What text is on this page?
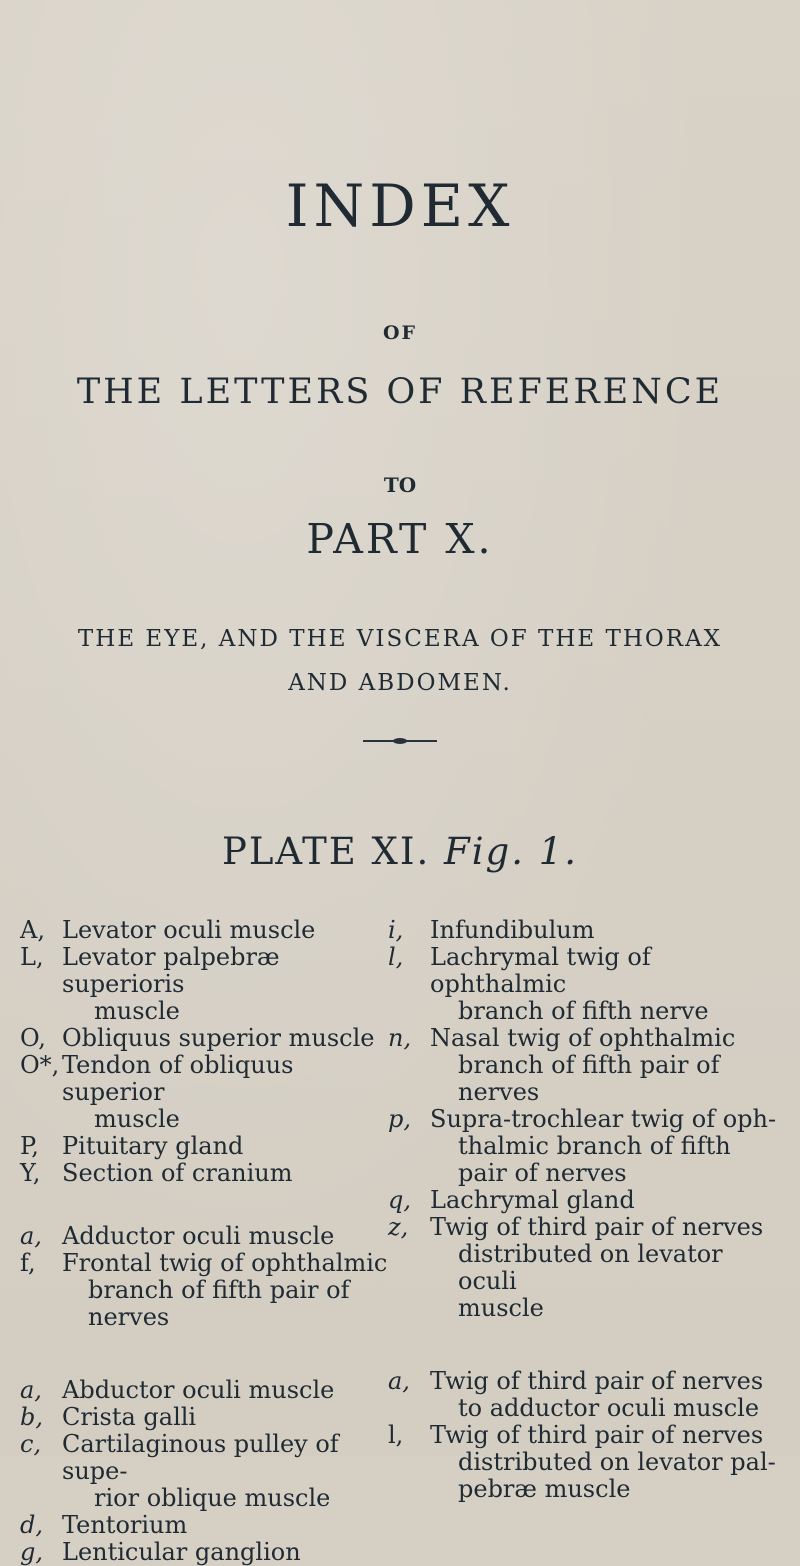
INDEX
OF
THE LETTERS OF REFERENCE
TO
PART X.
THE EYE, AND THE VISCERA OF THE THORAX
AND ABDOMEN.
PLATE XI. Fig. 1.
A, Levator oculi muscle
L, Levator palpebræ superioris
muscle
O, Obliquus superior muscle
O*, Tendon of obliquus superior
muscle
P, Pituitary gland
Y, Section of cranium
a, Adductor oculi muscle
f,	Frontal twig of ophthalmic
branch of fifth pair of nerves
a, Abductor oculi muscle
b, Crista galli
c, Cartilaginous pulley of supe-
rior oblique muscle
d, Tentorium
g, Lenticular ganglion
i,	Infundibulum
l,	Lachrymal twig of ophthalmic
branch of fifth nerve
n, Nasal twig of ophthalmic
branch of fifth pair of nerves
p, Supra-trochlear twig of oph-
thalmic branch of fifth
pair of nerves
q, Lachrymal gland
z, Twig of third pair of nerves
distributed on levator oculi
muscle
a, Twig of third pair of nerves
to adductor oculi muscle
l,	Twig of third pair of nerves
distributed on levator pal-
pebræ muscle
